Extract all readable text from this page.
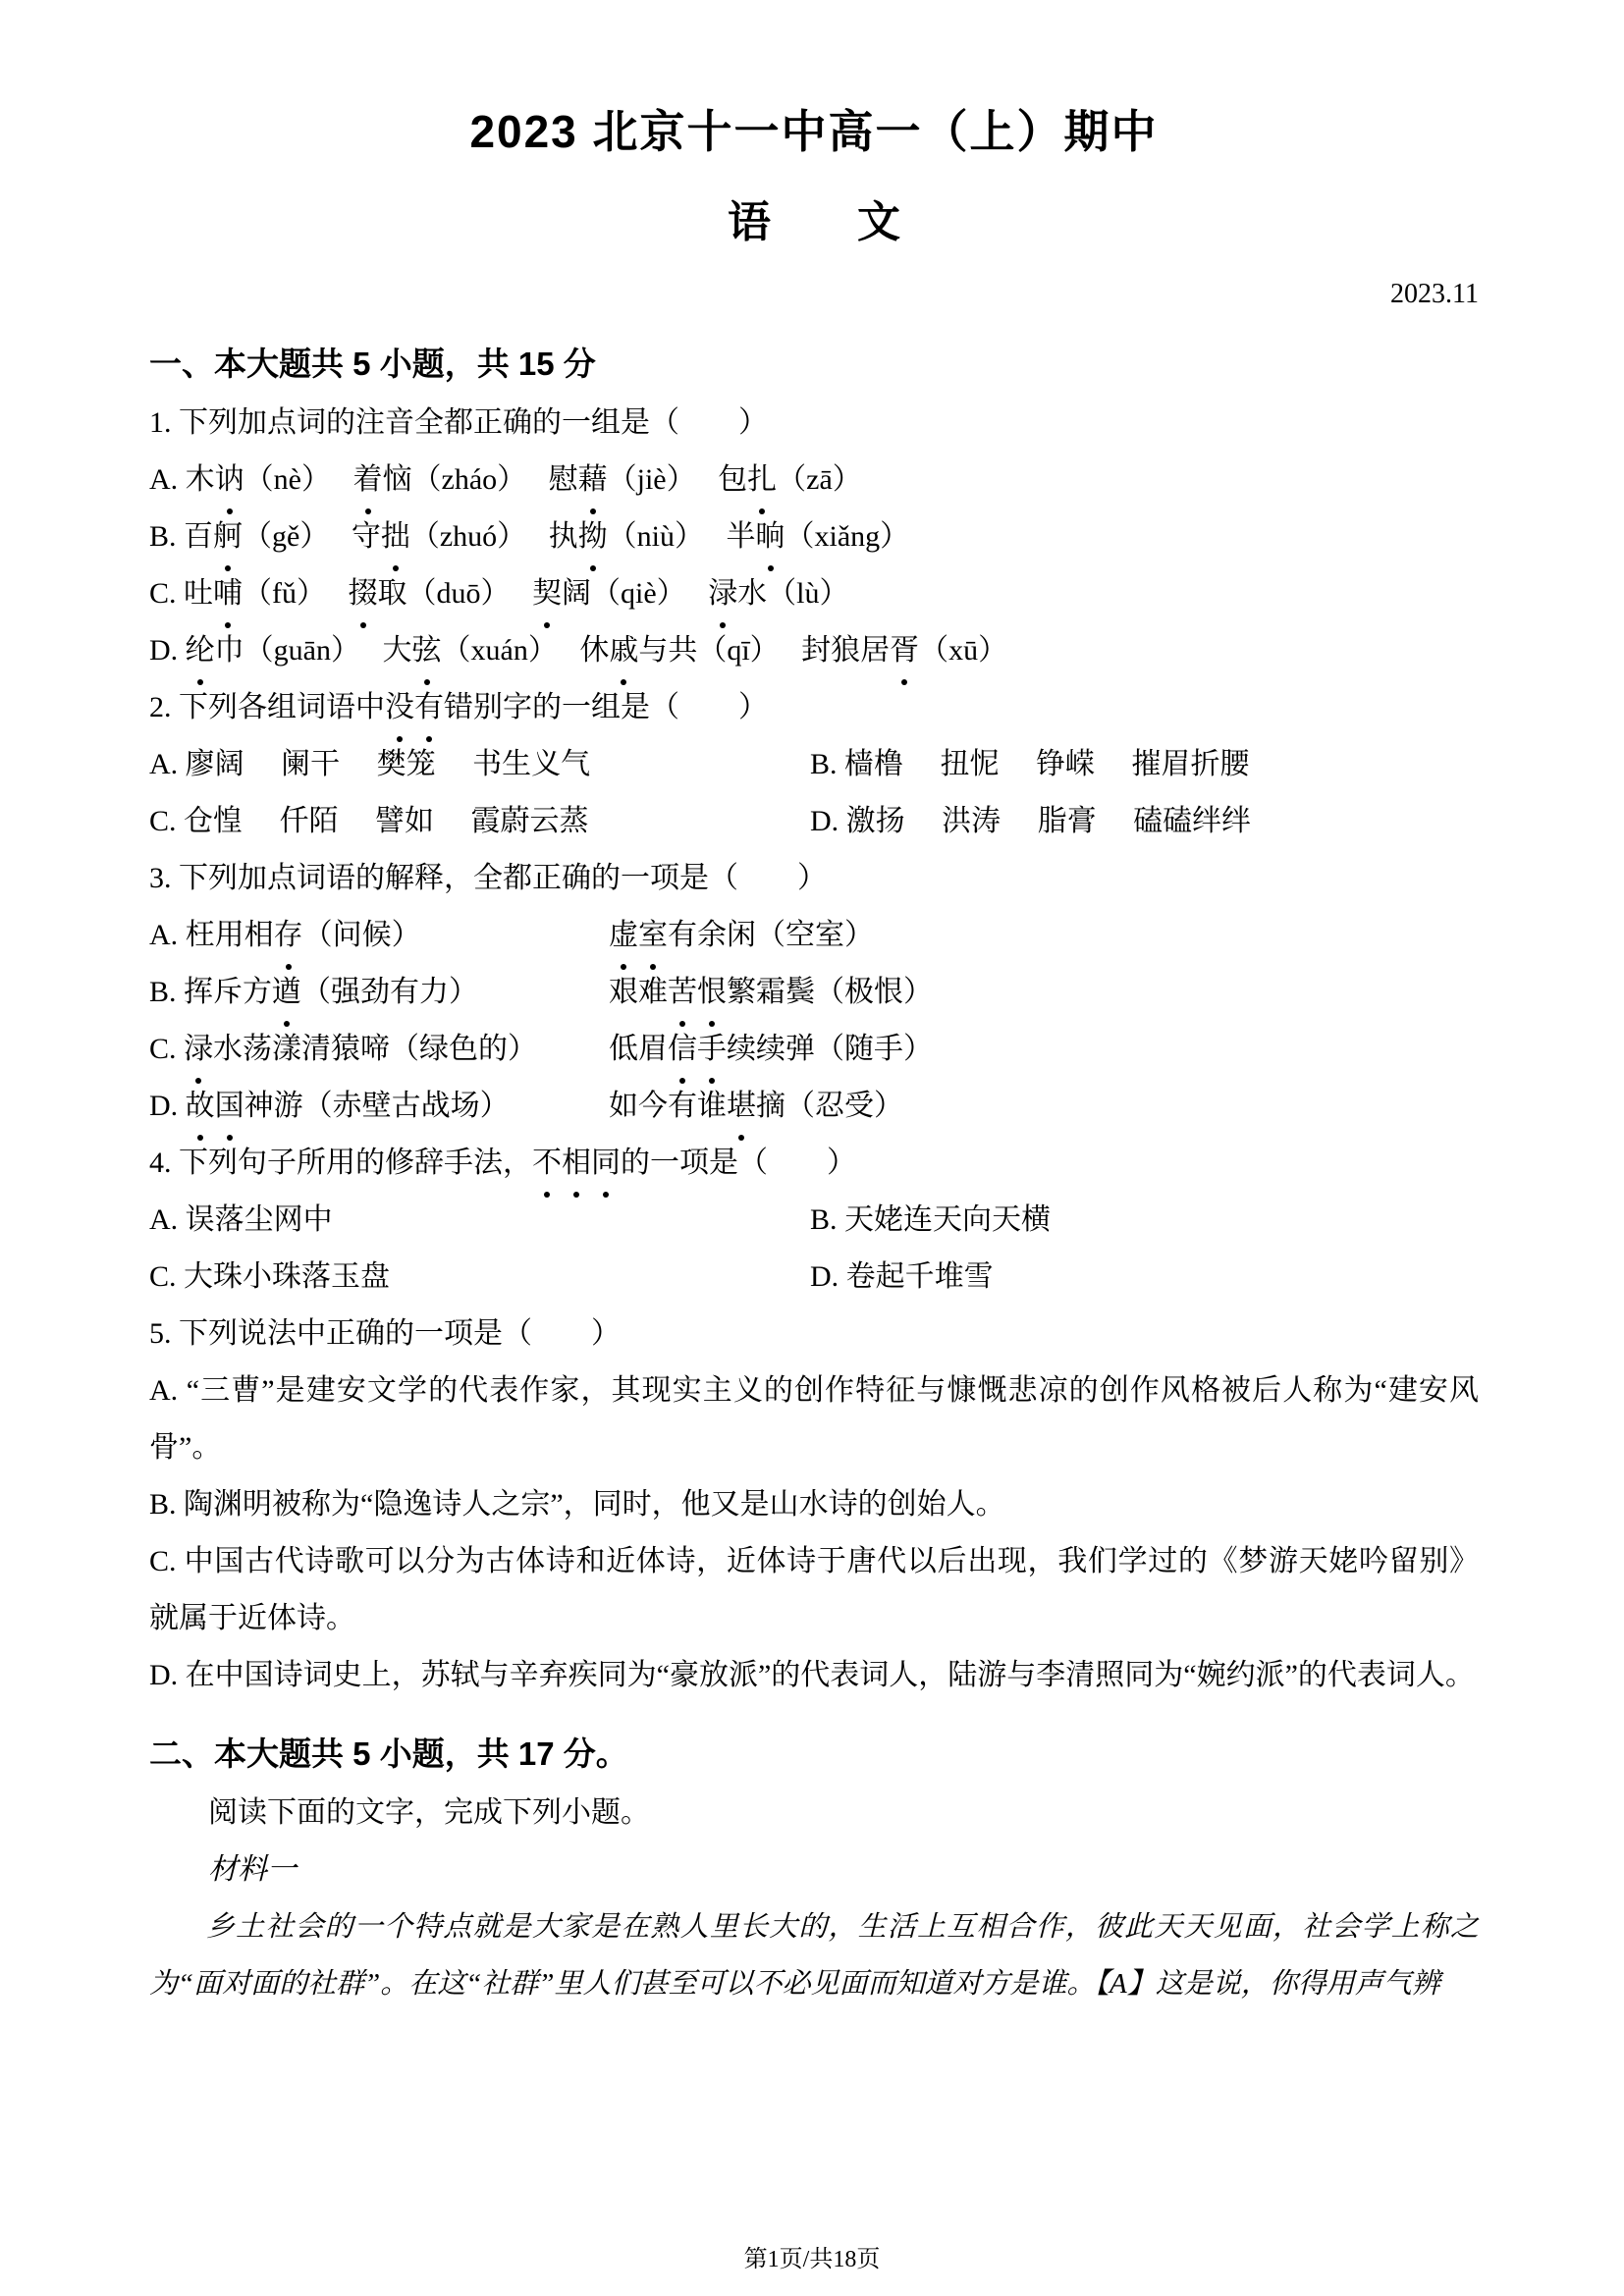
2023 北京十一中高一（上）期中
语　　文
2023.11
一、本大题共 5 小题，共 15 分

1. 下列加点词的注音全都正确的一组是（　　）

A. 木讷（nè）　 着恼（zháo）　 慰藉（jiè）　 包扎（zā）

B. 百舸（gě）　 守拙（zhuó）　 执拗（niù）　 半晌（xiǎng）

C. 吐哺（fǔ）　 掇取（duō）　 契阔（qiè）　 渌水（lù）

D. 纶巾（guān）　 大弦（xuán）　 休戚与共（qī）　 封狼居胥（xū）

2. 下列各组词语中没有错别字的一组是（　　）

A. 廖阔　 阑干　 樊笼　 书生义气	B. 樯橹　 扭怩　 铮嵘　 摧眉折腰

C. 仓惶　 仟陌　 譬如　 霞蔚云蒸	D. 激扬　 洪涛　 脂膏　 磕磕绊绊

3. 下列加点词语的解释，全都正确的一项是（　　）

A. 枉用相存（问候）	虚室有余闲（空室）

B. 挥斥方遒（强劲有力）	艰难苦恨繁霜鬓（极恨）

C. 渌水荡漾清猿啼（绿色的）	低眉信手续续弹（随手）

D. 故国神游（赤壁古战场）	如今有谁堪摘（忍受）

4. 下列句子所用的修辞手法，不相同的一项是（　　）

A. 误落尘网中	B. 天姥连天向天横

C. 大珠小珠落玉盘	D. 卷起千堆雪

5. 下列说法中正确的一项是（　　）

A. “三曹”是建安文学的代表作家，其现实主义的创作特征与慷慨悲凉的创作风格被后人称为“建安风骨”。

B. 陶渊明被称为“隐逸诗人之宗”，同时，他又是山水诗的创始人。

C. 中国古代诗歌可以分为古体诗和近体诗，近体诗于唐代以后出现，我们学过的《梦游天姥吟留别》就属于近体诗。

D. 在中国诗词史上，苏轼与辛弃疾同为“豪放派”的代表词人，陆游与李清照同为“婉约派”的代表词人。

二、本大题共 5 小题，共 17 分。

阅读下面的文字，完成下列小题。

材料一

乡土社会的一个特点就是大家是在熟人里长大的，生活上互相合作，彼此天天见面，社会学上称之为“面对面的社群”。在这“社群”里人们甚至可以不必见面而知道对方是谁。【A】这是说，你得用声气辨

第1页/共18页
